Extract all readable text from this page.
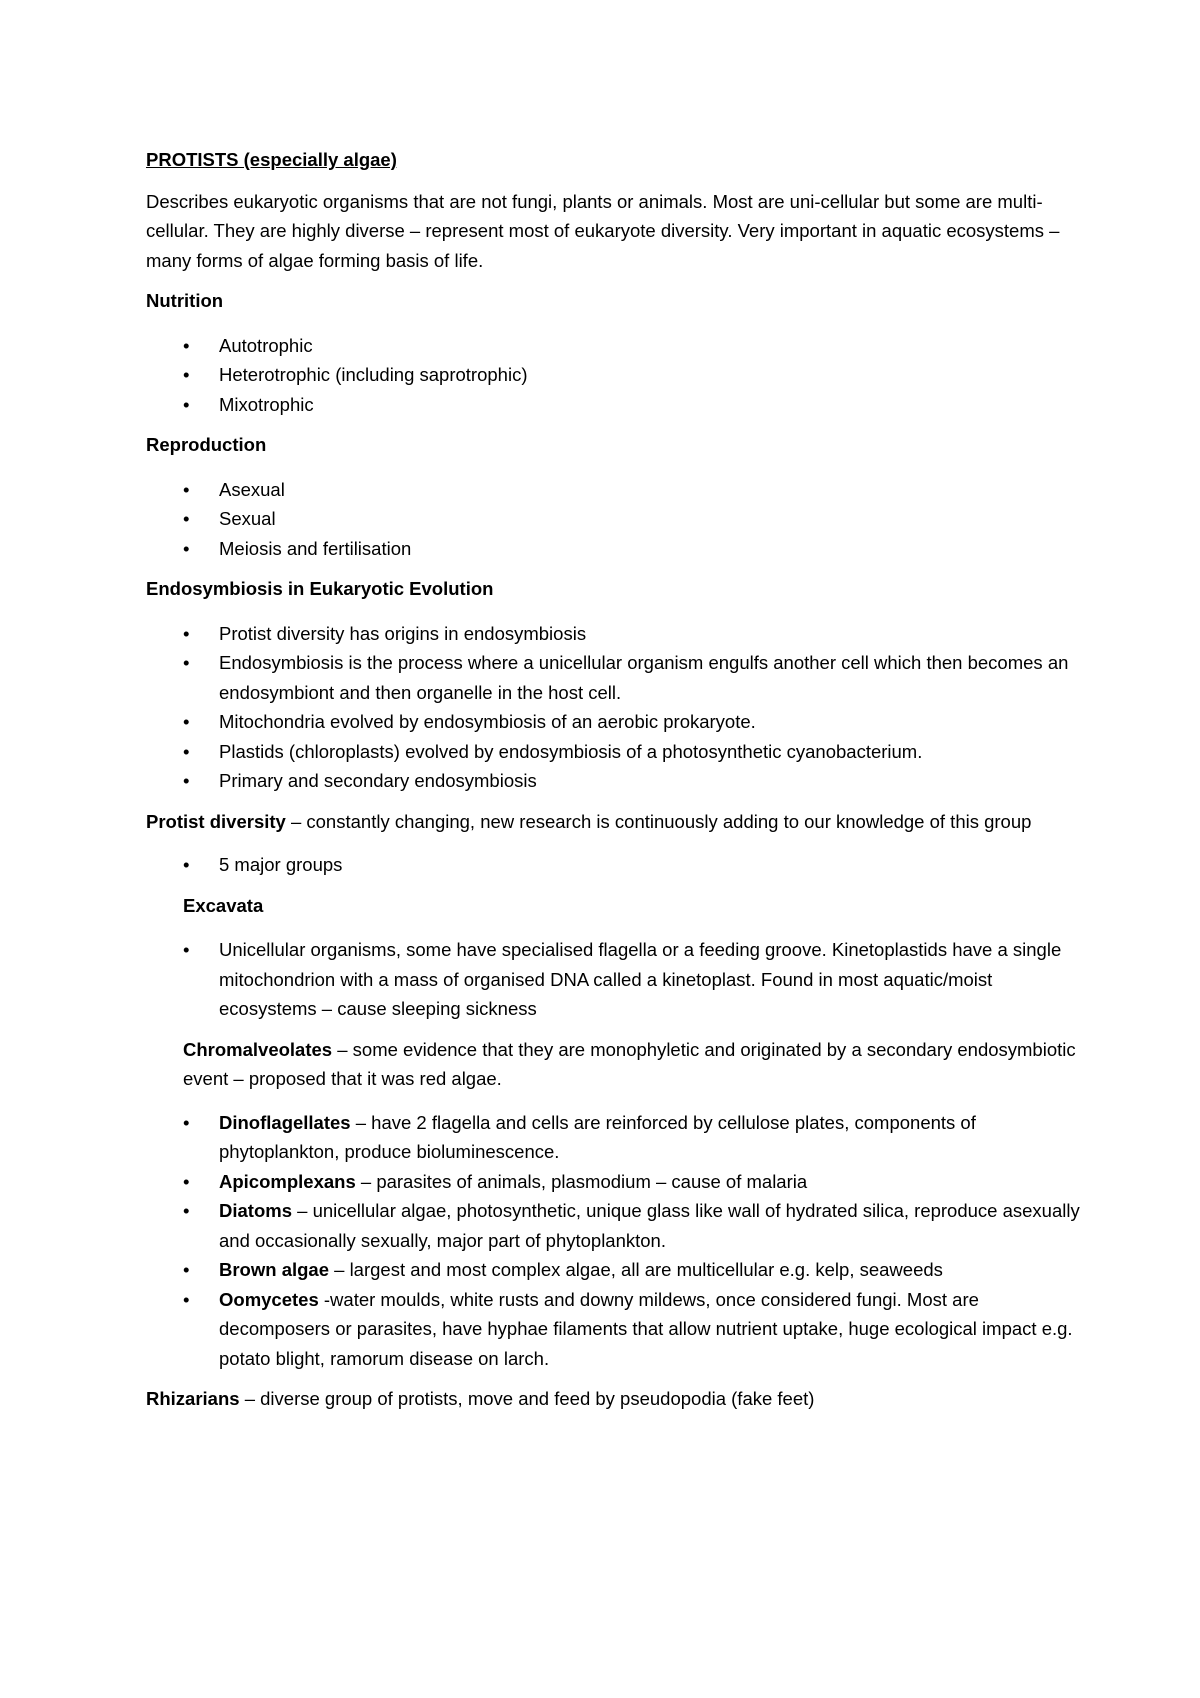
PROTISTS (especially algae)

Describes eukaryotic organisms that are not fungi, plants or animals. Most are uni-cellular but some are multi-cellular. They are highly diverse – represent most of eukaryote diversity. Very important in aquatic ecosystems – many forms of algae forming basis of life.

Nutrition

• Autotrophic
• Heterotrophic (including saprotrophic)
• Mixotrophic

Reproduction

• Asexual
• Sexual
• Meiosis and fertilisation

Endosymbiosis in Eukaryotic Evolution

• Protist diversity has origins in endosymbiosis
• Endosymbiosis is the process where a unicellular organism engulfs another cell which then becomes an endosymbiont and then organelle in the host cell.
• Mitochondria evolved by endosymbiosis of an aerobic prokaryote.
• Plastids (chloroplasts) evolved by endosymbiosis of a photosynthetic cyanobacterium.
• Primary and secondary endosymbiosis

Protist diversity – constantly changing, new research is continuously adding to our knowledge of this group

• 5 major groups

Excavata

• Unicellular organisms, some have specialised flagella or a feeding groove. Kinetoplastids have a single mitochondrion with a mass of organised DNA called a kinetoplast. Found in most aquatic/moist ecosystems – cause sleeping sickness

Chromalveolates – some evidence that they are monophyletic and originated by a secondary endosymbiotic event – proposed that it was red algae.

• Dinoflagellates – have 2 flagella and cells are reinforced by cellulose plates, components of phytoplankton, produce bioluminescence.
• Apicomplexans – parasites of animals, plasmodium – cause of malaria
• Diatoms – unicellular algae, photosynthetic, unique glass like wall of hydrated silica, reproduce asexually and occasionally sexually, major part of phytoplankton.
• Brown algae – largest and most complex algae, all are multicellular e.g. kelp, seaweeds
• Oomycetes -water moulds, white rusts and downy mildews, once considered fungi. Most are decomposers or parasites, have hyphae filaments that allow nutrient uptake, huge ecological impact e.g. potato blight, ramorum disease on larch.

Rhizarians – diverse group of protists, move and feed by pseudopodia (fake feet)
